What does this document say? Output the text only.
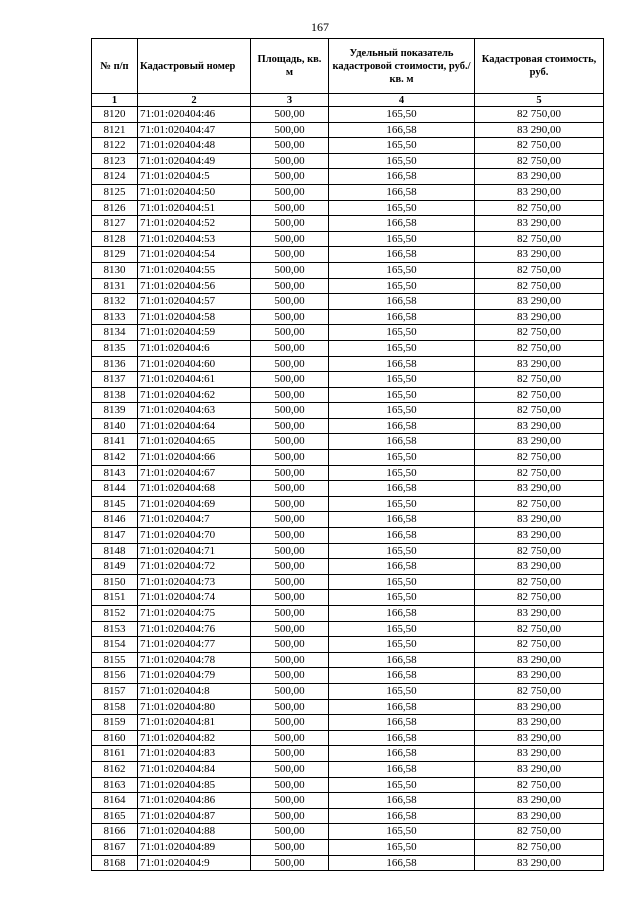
167
№ п/п	Кадастровый номер	Площадь, кв. м	Удельный показатель кадастровой стоимости, руб./кв. м	Кадастровая стоимость, руб.
1	2	3	4	5
8120	71:01:020404:46	500,00	165,50	82 750,00
8121	71:01:020404:47	500,00	166,58	83 290,00
8122	71:01:020404:48	500,00	165,50	82 750,00
8123	71:01:020404:49	500,00	165,50	82 750,00
8124	71:01:020404:5	500,00	166,58	83 290,00
8125	71:01:020404:50	500,00	166,58	83 290,00
8126	71:01:020404:51	500,00	165,50	82 750,00
8127	71:01:020404:52	500,00	166,58	83 290,00
8128	71:01:020404:53	500,00	165,50	82 750,00
8129	71:01:020404:54	500,00	166,58	83 290,00
8130	71:01:020404:55	500,00	165,50	82 750,00
8131	71:01:020404:56	500,00	165,50	82 750,00
8132	71:01:020404:57	500,00	166,58	83 290,00
8133	71:01:020404:58	500,00	166,58	83 290,00
8134	71:01:020404:59	500,00	165,50	82 750,00
8135	71:01:020404:6	500,00	165,50	82 750,00
8136	71:01:020404:60	500,00	166,58	83 290,00
8137	71:01:020404:61	500,00	165,50	82 750,00
8138	71:01:020404:62	500,00	165,50	82 750,00
8139	71:01:020404:63	500,00	165,50	82 750,00
8140	71:01:020404:64	500,00	166,58	83 290,00
8141	71:01:020404:65	500,00	166,58	83 290,00
8142	71:01:020404:66	500,00	165,50	82 750,00
8143	71:01:020404:67	500,00	165,50	82 750,00
8144	71:01:020404:68	500,00	166,58	83 290,00
8145	71:01:020404:69	500,00	165,50	82 750,00
8146	71:01:020404:7	500,00	166,58	83 290,00
8147	71:01:020404:70	500,00	166,58	83 290,00
8148	71:01:020404:71	500,00	165,50	82 750,00
8149	71:01:020404:72	500,00	166,58	83 290,00
8150	71:01:020404:73	500,00	165,50	82 750,00
8151	71:01:020404:74	500,00	165,50	82 750,00
8152	71:01:020404:75	500,00	166,58	83 290,00
8153	71:01:020404:76	500,00	165,50	82 750,00
8154	71:01:020404:77	500,00	165,50	82 750,00
8155	71:01:020404:78	500,00	166,58	83 290,00
8156	71:01:020404:79	500,00	166,58	83 290,00
8157	71:01:020404:8	500,00	165,50	82 750,00
8158	71:01:020404:80	500,00	166,58	83 290,00
8159	71:01:020404:81	500,00	166,58	83 290,00
8160	71:01:020404:82	500,00	166,58	83 290,00
8161	71:01:020404:83	500,00	166,58	83 290,00
8162	71:01:020404:84	500,00	166,58	83 290,00
8163	71:01:020404:85	500,00	165,50	82 750,00
8164	71:01:020404:86	500,00	166,58	83 290,00
8165	71:01:020404:87	500,00	166,58	83 290,00
8166	71:01:020404:88	500,00	165,50	82 750,00
8167	71:01:020404:89	500,00	165,50	82 750,00
8168	71:01:020404:9	500,00	166,58	83 290,00
